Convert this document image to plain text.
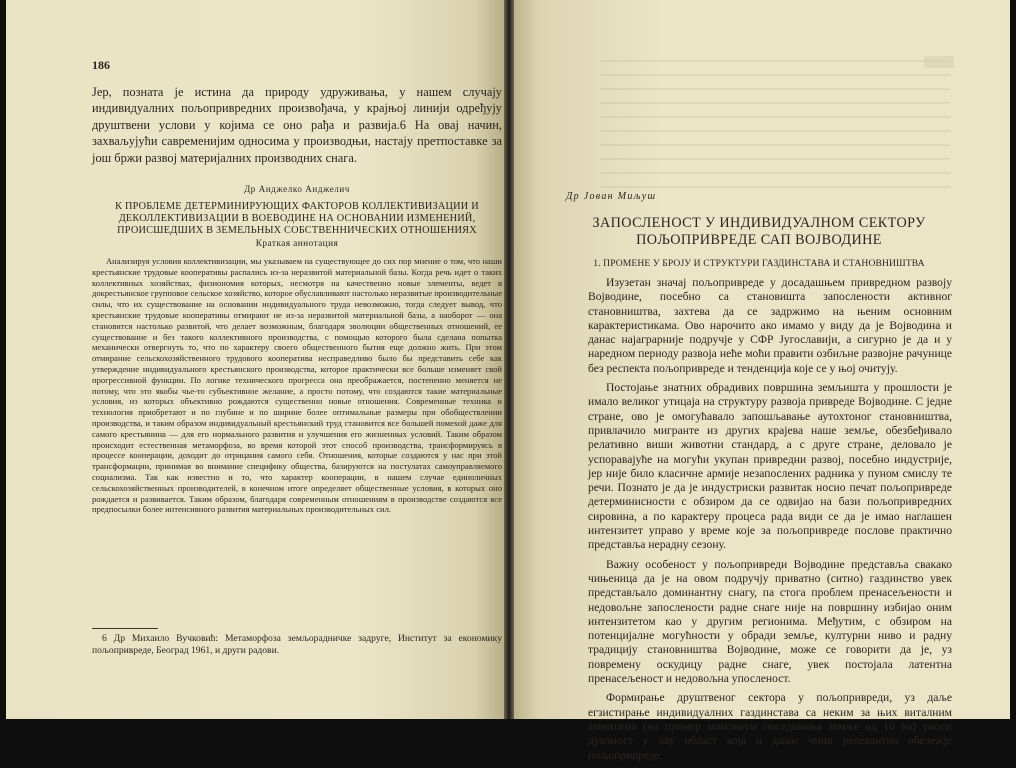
186
Јер, позната је истина да природу удруживања, у нашем случају индивидуалних пољопривредних произвођача, у крајњој линији одређују друштвени услови у којима се оно рађа и развија.6 На овај начин, захваљујући савременијим односима у производњи, настају претпоставке за још бржи развој материјалних производних снага.
Др Анджелко Анджелич
К ПРОБЛЕМЕ ДЕТЕРМИНИРУЮЩИХ ФАКТОРОВ КОЛЛЕКТИВИЗАЦИИ И ДЕКОЛЛЕКТИВИЗАЦИИ В ВОЕВОДИНЕ НА ОСНОВАНИИ ИЗМЕНЕНИЙ, ПРОИСШЕДШИХ В ЗЕМЕЛЬНЫХ СОБСТВЕННИЧЕСКИХ ОТНОШЕНИЯХ
Краткая аннотация
Анализируя условия коллективизации, мы указываем на существующее до сих пор мнение о том, что наши крестьянские трудовые кооперативы распались из-за неразвитой материальной базы. Когда речь идет о таких коллективных хозяйствах, физиономия которых, несмотря на качественно новые элементы, ведет в докрестьянское групповое сельское хозяйство, которое обуславливают настолько неразвитые производительные силы, что их существование на основании индивидуального труда невозможно, тогда следует вывод, что крестьянские трудовые кооперативы отмирают не из-за неразвитой материальной базы, а наоборот — она становится настолько развитой, что делает возможным, благодаря эволюции общественных отношений, ее существование и без такого коллективного производства, с помощью которого была сделана попытка механически отвергнуть то, что по характеру своего общественного бытия еще должно жить. При этом отмирание сельскохозяйственного трудового кооператива несправедливо было бы представить себе как утверждение индивидуального крестьянского производства, которое практически все больше изменяет свой прогрессивной функции. По логике технического прогресса она преображается, постепенно меняется не потому, что это якобы чье-то субъективное желание, а просто потому, что создаются такие материальные условия, из которых объективно рождаются существенно новые отношения. Современные техника и технология приобретают и по глубине и по ширине более оптимальные размеры при обобществлении производства, и таким образом индивидуальный крестьянский труд становится все большей помехой даже для самого крестьянина — для его нормального развития и улучшения его жизненных условий. Таким образом происходит естественная метаморфоза, во время которой этот способ производства, трансформируясь в процессе кооперации, доходит до отрицания самого себя. Отношения, которые создаются у нас при этой трансформации, принимая во внимание специфику общества, базируются на постулатах самоуправляемого социализма. Так как известно и то, что характер кооперации, в нашем случае единоличных сельскохозяйственных производителей, в конечном итоге определяет общественные условия, в которых оно рождается и развивается. Таким образом, благодаря современным отношениям в производстве создаются все предпосылки более интенсивного развития материальных производительных сил.
6 Др Михаило Вучковић: Метаморфоза земљорадничке задруге, Институт за економику пољопривреде, Београд 1961, и други радови.
Др Јован Миљуш
ЗАПОСЛЕНОСТ У ИНДИВИДУАЛНОМ СЕКТОРУ ПОЉОПРИВРЕДЕ САП ВОЈВОДИНЕ
1. ПРОМЕНЕ У БРОЈУ И СТРУКТУРИ ГАЗДИНСТАВА И СТАНОВНИШТВА

Изузетан значај пољопривреде у досадашњем привредном развоју Војводине, посебно са становишта запослености активног становништва, захтева да се задржимо на њеним основним карактеристикама. Ово нарочито ако имамо у виду да је Војводина и данас најаграрније подручје у СФР Југославији, а сигурно је да и у наредном периоду развоја неће моћи правити озбиљне развојне рачунице без респекта пољопривреде и тенденција које се у њој очитују.

Постојање знатних обрадивих површина земљишта у прошлости је имало великог утицаја на структуру развоја привреде Војводине. С једне стране, ово је омогућавало запошљавање аутохтоног становништва, привлачило мигранте из других крајева наше земље, обезбеђивало релативно виши животни стандард, а с друге стране, деловало је успоравајуће на могући укупан привредни развој, посебно индустрије, јер није било класичне армије незапослених радника у пуном смислу те речи. Познато је да је индустриски развитак носио печат пољопривреде детерминисности с обзиром да се одвијао на бази пољопривредних сировина, а по карактеру процеса рада види се да је имао наглашен интензитет управо у време које за пољопривреде послове практично представља нерадну сезону.

Важну особеност у пољопривреди Војводине представља свакако чињеница да је на овом подручју приватно (ситно) газдинство увек представљало доминантну снагу, па стога проблем пренасељености и недовољне запослености радне снаге није на површину избијао оним интензитетом као у другим регионима. Међутим, с обзиром на потенцијалне могућности у обради земље, културни ниво и радну традицију становништва Војводине, може се говорити да је, уз повремену оскудицу радне снаге, увек постојала латентна пренасељеност и недовољна упосленост.

Формирање друштвеног сектора у пољопривреди, уз даље егзистирање индивидуалних газдинстава са неким за њих виталним амнитима (на пример максимум поседовања земље од 10 ha) уноси дуалност у ову област која и данас чини релевантно обележје пољопривреде.
